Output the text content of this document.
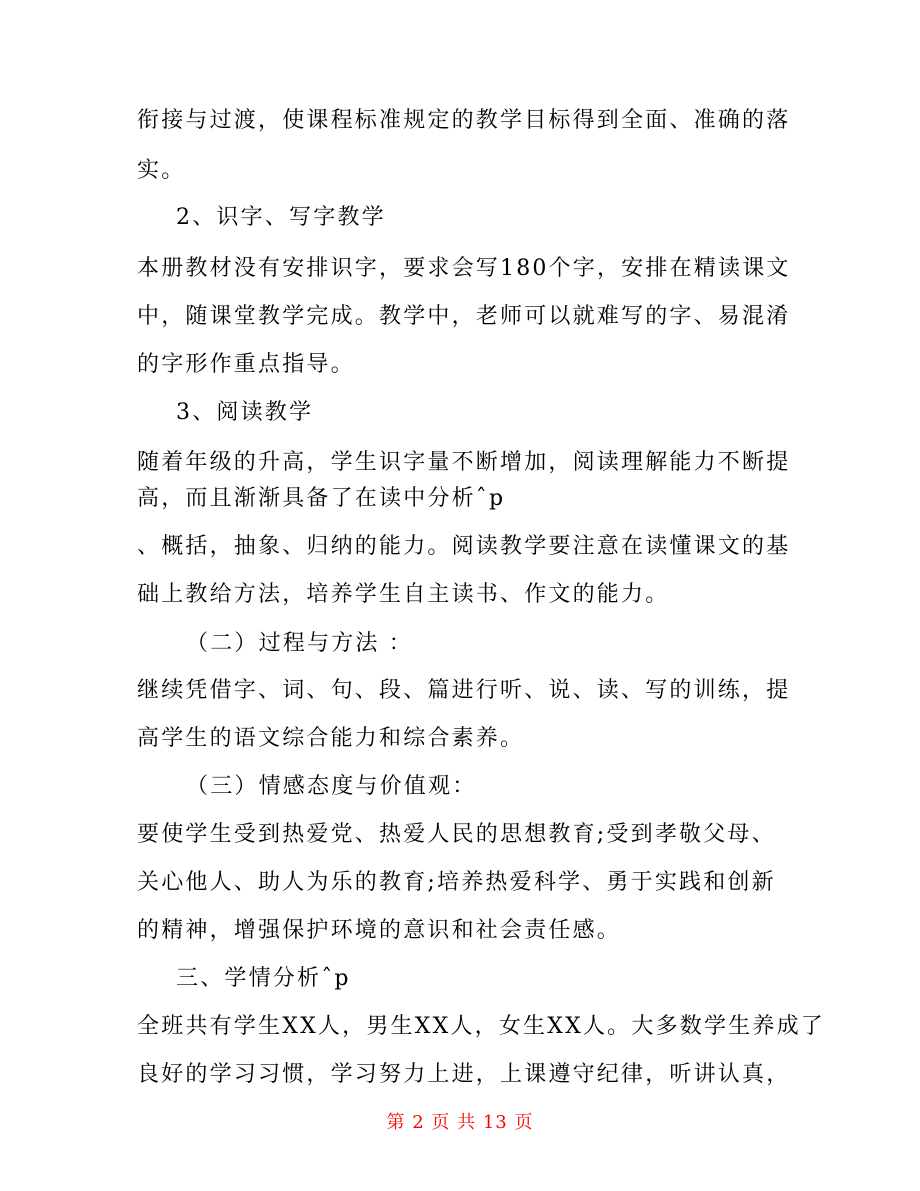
衔接与过渡，使课程标准规定的教学目标得到全面、准确的落
实。
2、识字、写字教学
本册教材没有安排识字，要求会写180个字，安排在精读课文
中，随课堂教学完成。教学中，老师可以就难写的字、易混淆
的字形作重点指导。
3、阅读教学
随着年级的升高，学生识字量不断增加，阅读理解能力不断提
高，而且渐渐具备了在读中分析ˆp
、概括，抽象、归纳的能力。阅读教学要注意在读懂课文的基
础上教给方法，培养学生自主读书、作文的能力。
（二）过程与方法 ：
继续凭借字、词、句、段、篇进行听、说、读、写的训练，提
高学生的语文综合能力和综合素养。
（三）情感态度与价值观：
要使学生受到热爱党、热爱人民的思想教育;受到孝敬父母、
关心他人、助人为乐的教育;培养热爱科学、勇于实践和创新
的精神，增强保护环境的意识和社会责任感。
三、学情分析ˆp
全班共有学生XX人，男生XX人，女生XX人。大多数学生养成了
良好的学习习惯，学习努力上进，上课遵守纪律，听讲认真，
第 2 页 共 13 页
